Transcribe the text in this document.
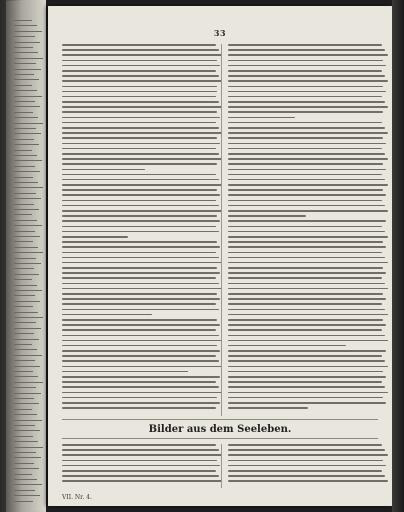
33
Bilder aus dem Seeleben.
VII. Nr. 4.
